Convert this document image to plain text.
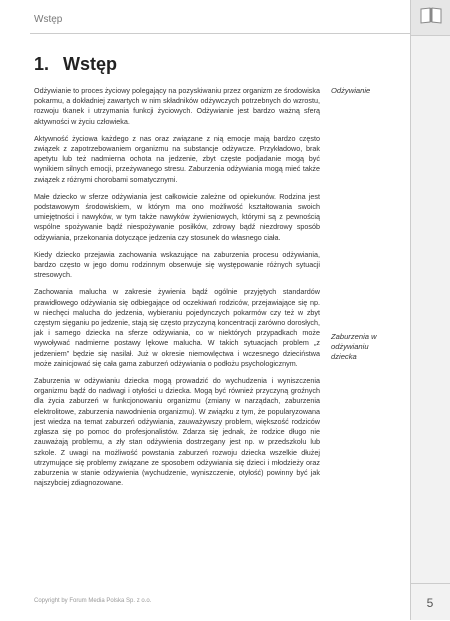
Wstęp
1. Wstęp

Odżywianie to proces życiowy polegający na pozyskiwaniu przez organizm ze środowiska pokarmu, a dokładniej zawartych w nim składników odżywczych potrzebnych do wzrostu, rozwoju tkanek i utrzymania funkcji życiowych. Odżywianie jest bardzo ważną sferą aktywności w życiu człowieka.

Aktywność życiowa każdego z nas oraz związane z nią emocje mają bardzo często związek z zapotrzebowaniem organizmu na substancje odżywcze. Przykładowo, brak apetytu lub też nadmierna ochota na jedzenie, zbyt częste podjadanie mogą być wynikiem silnych emocji, przeżywanego stresu. Zaburzenia odżywiania mogą mieć także związek z różnymi chorobami somatycznymi.

Małe dziecko w sferze odżywiania jest całkowicie zależne od opiekunów. Rodzina jest podstawowym środowiskiem, w którym ma ono możliwość kształtowania swoich umiejętności i nawyków, w tym także nawyków żywieniowych, którymi są z pewnością wspólne spożywanie bądź niespożywanie posiłków, zdrowy bądź niezdrowy sposób odżywiania, przekonania dotyczące jedzenia czy stosunek do własnego ciała.

Kiedy dziecko przejawia zachowania wskazujące na zaburzenia procesu odżywiania, bardzo często w jego domu rodzinnym obserwuje się występowanie różnych sytuacji stresowych.

Zachowania malucha w zakresie żywienia bądź ogólnie przyjętych standardów prawidłowego odżywiania się odbiegające od oczekiwań rodziców, przejawiające się np. w niechęci malucha do jedzenia, wybieraniu pojedynczych pokarmów czy też w zbyt częstym sięganiu po jedzenie, stają się często przyczyną koncentracji zarówno dorosłych, jak i samego dziecka na sferze odżywiania, co w niektórych przypadkach może wywoływać nadmierne postawy lękowe malucha. W takich sytuacjach problem „z jedzeniem” będzie się nasilał. Już w okresie niemowlęctwa i wczesnego dzieciństwa może zainicjować się cała gama zaburzeń odżywiania o podłożu psychologicznym.

Zaburzenia w odżywianiu dziecka mogą prowadzić do wychudzenia i wyniszczenia organizmu bądź do nadwagi i otyłości u dziecka. Mogą być również przyczyną groźnych dla życia zaburzeń w funkcjonowaniu organizmu (zmiany w narządach, zaburzenia elektrolitowe, zaburzenia nawodnienia organizmu). W związku z tym, że popularyzowana jest wiedza na temat zaburzeń odżywiania, zauważywszy problem, większość rodziców zgłasza się po pomoc do profesjonalistów. Zdarza się jednak, że rodzice długo nie zauważają problemu, a zły stan odżywienia dostrzegany jest np. w przedszkolu lub szkole. Z uwagi na możliwość powstania zaburzeń rozwoju dziecka wszelkie dłużej utrzymujące się problemy związane ze sposobem odżywiania się dzieci i młodzieży oraz zaburzenia w stanie odżywienia (wychudzenie, wyniszczenie, otyłość) powinny być jak najszybciej zdiagnozowane.

Odżywianie
Zaburzenia w odżywianiu dziecka
5
Copyright by Forum Media Polska Sp. z o.o.
